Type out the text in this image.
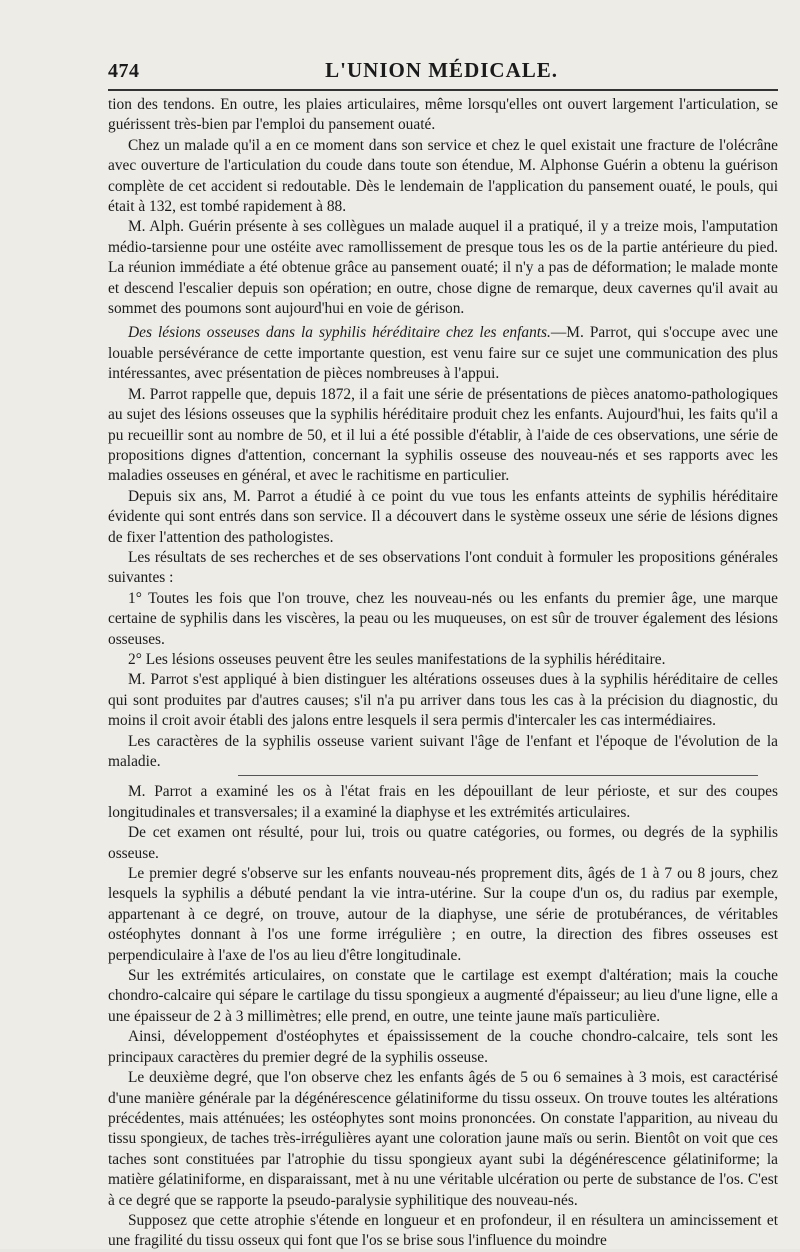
474	L'UNION MÉDICALE.

tion des tendons. En outre, les plaies articulaires, même lorsqu'elles ont ouvert largement l'articulation, se guérissent très-bien par l'emploi du pansement ouaté.

Chez un malade qu'il a en ce moment dans son service et chez le quel existait une fracture de l'olécrâne avec ouverture de l'articulation du coude dans toute son étendue, M. Alphonse Guérin a obtenu la guérison complète de cet accident si redoutable. Dès le lendemain de l'application du pansement ouaté, le pouls, qui était à 132, est tombé rapidement à 88.

M. Alph. Guérin présente à ses collègues un malade auquel il a pratiqué, il y a treize mois, l'amputation médio-tarsienne pour une ostéite avec ramollissement de presque tous les os de la partie antérieure du pied. La réunion immédiate a été obtenue grâce au pansement ouaté; il n'y a pas de déformation; le malade monte et descend l'escalier depuis son opération; en outre, chose digne de remarque, deux cavernes qu'il avait au sommet des poumons sont aujourd'hui en voie de gérison.

Des lésions osseuses dans la syphilis héréditaire chez les enfants.—M. Parrot, qui s'occupe avec une louable persévérance de cette importante question, est venu faire sur ce sujet une communication des plus intéressantes, avec présentation de pièces nombreuses à l'appui.

M. Parrot rappelle que, depuis 1872, il a fait une série de présentations de pièces anatomo-pathologiques au sujet des lésions osseuses que la syphilis héréditaire produit chez les enfants. Aujourd'hui, les faits qu'il a pu recueillir sont au nombre de 50, et il lui a été possible d'établir, à l'aide de ces observations, une série de propositions dignes d'attention, concernant la syphilis osseuse des nouveau-nés et ses rapports avec les maladies osseuses en général, et avec le rachitisme en particulier.

Depuis six ans, M. Parrot a étudié à ce point du vue tous les enfants atteints de syphilis héréditaire évidente qui sont entrés dans son service. Il a découvert dans le système osseux une série de lésions dignes de fixer l'attention des pathologistes.

Les résultats de ses recherches et de ses observations l'ont conduit à formuler les propositions générales suivantes :

1° Toutes les fois que l'on trouve, chez les nouveau-nés ou les enfants du premier âge, une marque certaine de syphilis dans les viscères, la peau ou les muqueuses, on est sûr de trouver également des lésions osseuses.

2° Les lésions osseuses peuvent être les seules manifestations de la syphilis héréditaire.

M. Parrot s'est appliqué à bien distinguer les altérations osseuses dues à la syphilis héréditaire de celles qui sont produites par d'autres causes; s'il n'a pu arriver dans tous les cas à la précision du diagnostic, du moins il croit avoir établi des jalons entre lesquels il sera permis d'intercaler les cas intermédiaires.

Les caractères de la syphilis osseuse varient suivant l'âge de l'enfant et l'époque de l'évolution de la maladie.

M. Parrot a examiné les os à l'état frais en les dépouillant de leur périoste, et sur des coupes longitudinales et transversales; il a examiné la diaphyse et les extrémités articulaires.

De cet examen ont résulté, pour lui, trois ou quatre catégories, ou formes, ou degrés de la syphilis osseuse.

Le premier degré s'observe sur les enfants nouveau-nés proprement dits, âgés de 1 à 7 ou 8 jours, chez lesquels la syphilis a débuté pendant la vie intra-utérine. Sur la coupe d'un os, du radius par exemple, appartenant à ce degré, on trouve, autour de la diaphyse, une série de protubérances, de véritables ostéophytes donnant à l'os une forme irrégulière ; en outre, la direction des fibres osseuses est perpendiculaire à l'axe de l'os au lieu d'être longitudinale.

Sur les extrémités articulaires, on constate que le cartilage est exempt d'altération; mais la couche chondro-calcaire qui sépare le cartilage du tissu spongieux a augmenté d'épaisseur; au lieu d'une ligne, elle a une épaisseur de 2 à 3 millimètres; elle prend, en outre, une teinte jaune maïs particulière.

Ainsi, développement d'ostéophytes et épaississement de la couche chondro-calcaire, tels sont les principaux caractères du premier degré de la syphilis osseuse.

Le deuxième degré, que l'on observe chez les enfants âgés de 5 ou 6 semaines à 3 mois, est caractérisé d'une manière générale par la dégénérescence gélatiniforme du tissu osseux. On trouve toutes les altérations précédentes, mais atténuées; les ostéophytes sont moins prononcées. On constate l'apparition, au niveau du tissu spongieux, de taches très-irrégulières ayant une coloration jaune maïs ou serin. Bientôt on voit que ces taches sont constituées par l'atrophie du tissu spongieux ayant subi la dégénérescence gélatiniforme; la matière gélatiniforme, en disparaissant, met à nu une véritable ulcération ou perte de substance de l'os. C'est à ce degré que se rapporte la pseudo-paralysie syphilitique des nouveau-nés.

Supposez que cette atrophie s'étende en longueur et en profondeur, il en résultera un amincissement et une fragilité du tissu osseux qui font que l'os se brise sous l'influence du moindre
